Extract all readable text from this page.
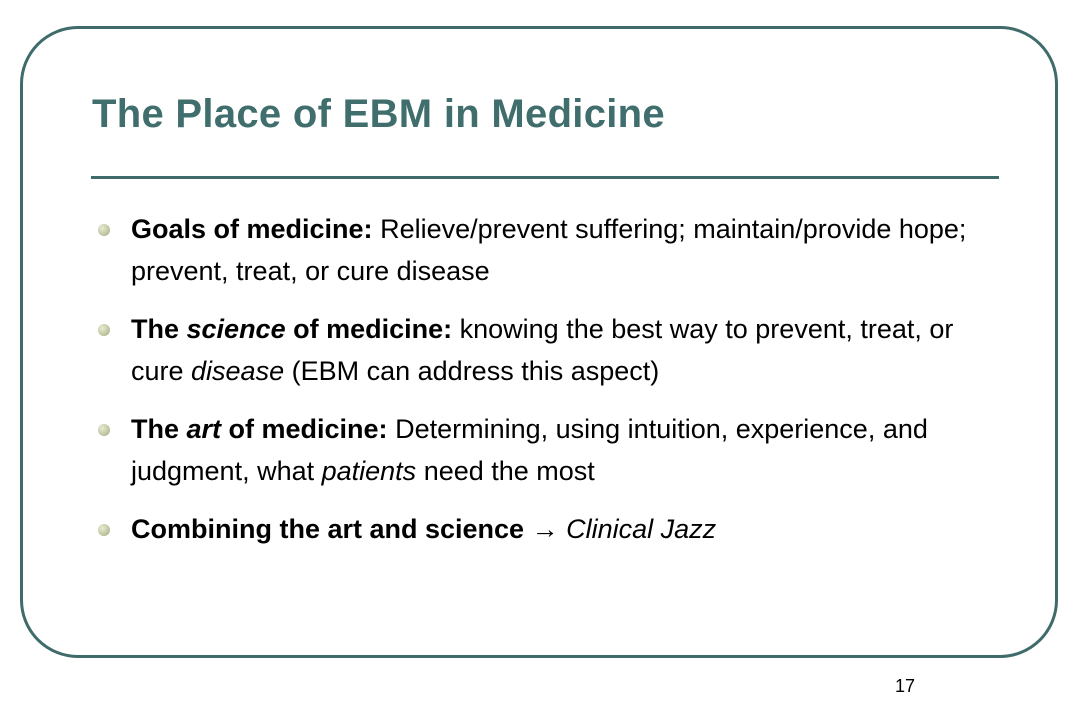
The Place of EBM in Medicine
Goals of medicine: Relieve/prevent suffering; maintain/provide hope; prevent, treat, or cure disease
The science of medicine: knowing the best way to prevent, treat, or cure disease (EBM can address this aspect)
The art of medicine: Determining, using intuition, experience, and judgment, what patients need the most
Combining the art and science → Clinical Jazz
17
